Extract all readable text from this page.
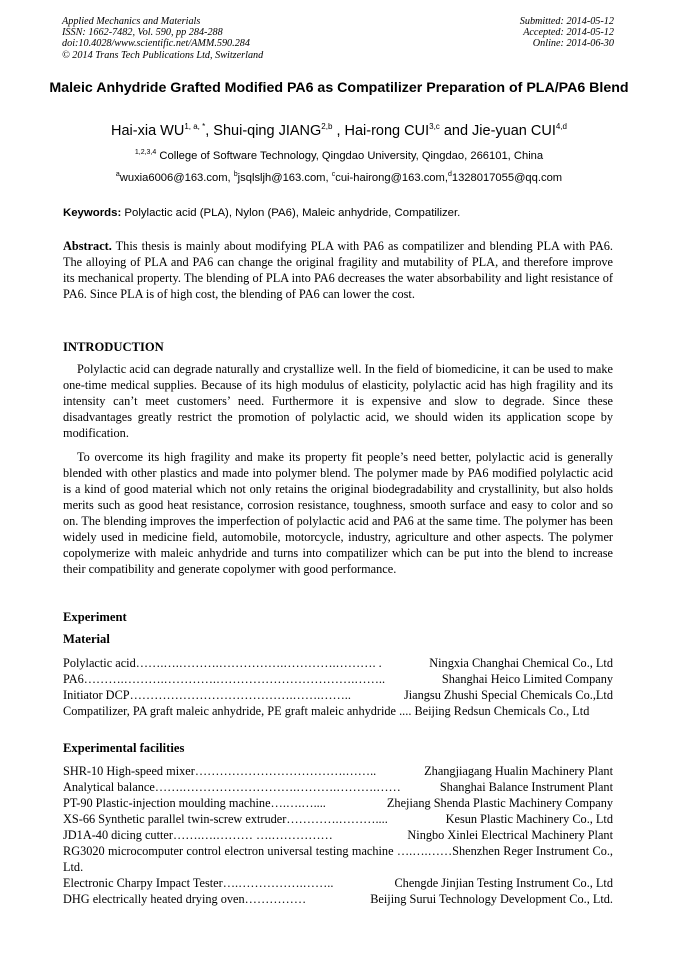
Applied Mechanics and Materials
ISSN: 1662-7482, Vol. 590, pp 284-288
doi:10.4028/www.scientific.net/AMM.590.284
© 2014 Trans Tech Publications Ltd, Switzerland
Submitted: 2014-05-12
Accepted: 2014-05-12
Online: 2014-06-30
Maleic Anhydride Grafted Modified PA6 as Compatilizer Preparation of PLA/PA6 Blend
Hai-xia $WU^{1, a, *}$, Shui-qing JIANG$^{2,b}$ , Hai-rong CUI$^{3,c}$ and Jie-yuan CUI$^{4,d}$
$^{1,2,3,4}$ College of Software Technology, Qingdao University, Qingdao, 266101, China
$^a$wuxia6006@163.com, $^b$jsqlsljh@163.com, $^c$cui-hairong@163.com,$^d$1328017055@qq.com
Keywords: Polylactic acid (PLA), Nylon (PA6), Maleic anhydride, Compatilizer.
Abstract. This thesis is mainly about modifying PLA with PA6 as compatilizer and blending PLA with PA6. The alloying of PLA and PA6 can change the original fragility and mutability of PLA, and therefore improve its mechanical property. The blending of PLA into PA6 decreases the water absorbability and light resistance of PA6. Since PLA is of high cost, the blending of PA6 can lower the cost.
INTRODUCTION
Polylactic acid can degrade naturally and crystallize well. In the field of biomedicine, it can be used to make one-time medical supplies. Because of its high modulus of elasticity, polylactic acid has high fragility and its intensity can’t meet customers’ need. Furthermore it is expensive and slow to degrade. Since these disadvantages greatly restrict the promotion of polylactic acid, we should widen its application scope by modification.
To overcome its high fragility and make its property fit people’s need better, polylactic acid is generally blended with other plastics and made into polymer blend. The polymer made by PA6 modified polylactic acid is a kind of good material which not only retains the original biodegradability and crystallinity, but also holds merits such as good heat resistance, corrosion resistance, toughness, smooth surface and easy to color and so on. The blending improves the imperfection of polylactic acid and PA6 at the same time. The polymer has been widely used in medicine field, automobile, motorcycle, industry, agriculture and other aspects. The polymer copolymerize with maleic anhydride and turns into compatilizer which can be put into the blend to increase their compatibility and generate copolymer with good performance.
Experiment
Material
Polylactic acid …….….……….…………….………….………. .	Ningxia Changhai Chemical Co., Ltd
PA6 ……….……….………….…………………………….……..	Shanghai Heico Limited Company
Initiator DCP ………………………………….…….……..	Jiangsu Zhushi Special Chemicals Co.,Ltd
Compatilizer, PA graft maleic anhydride, PE graft maleic anhydride .... Beijing Redsun Chemicals Co., Ltd
Experimental facilities
SHR-10 High-speed mixer ……………………………….……..	Zhangjiagang Hualin Machinery Plant
Analytical balance …….……………………….……….……….……	Shanghai Balance Instrument Plant
PT-90 Plastic-injection moulding machine ….….…....	Zhejiang Shenda Plastic Machinery Company
XS-66 Synthetic parallel twin-screw extruder ………….………....	Kesun Plastic Machinery Co., Ltd
JD1A-40 dicing cutter …….….……… ….……………	Ningbo Xinlei Electrical Machinery Plant
RG3020 microcomputer control electron universal testing machine ….….……Shenzhen Reger Instrument Co., Ltd.
Electronic Charpy Impact Tester ….…………….……..	Chengde Jinjian Testing Instrument Co., Ltd
DHG electrically heated drying oven ……………	Beijing Surui Technology Development Co., Ltd.
